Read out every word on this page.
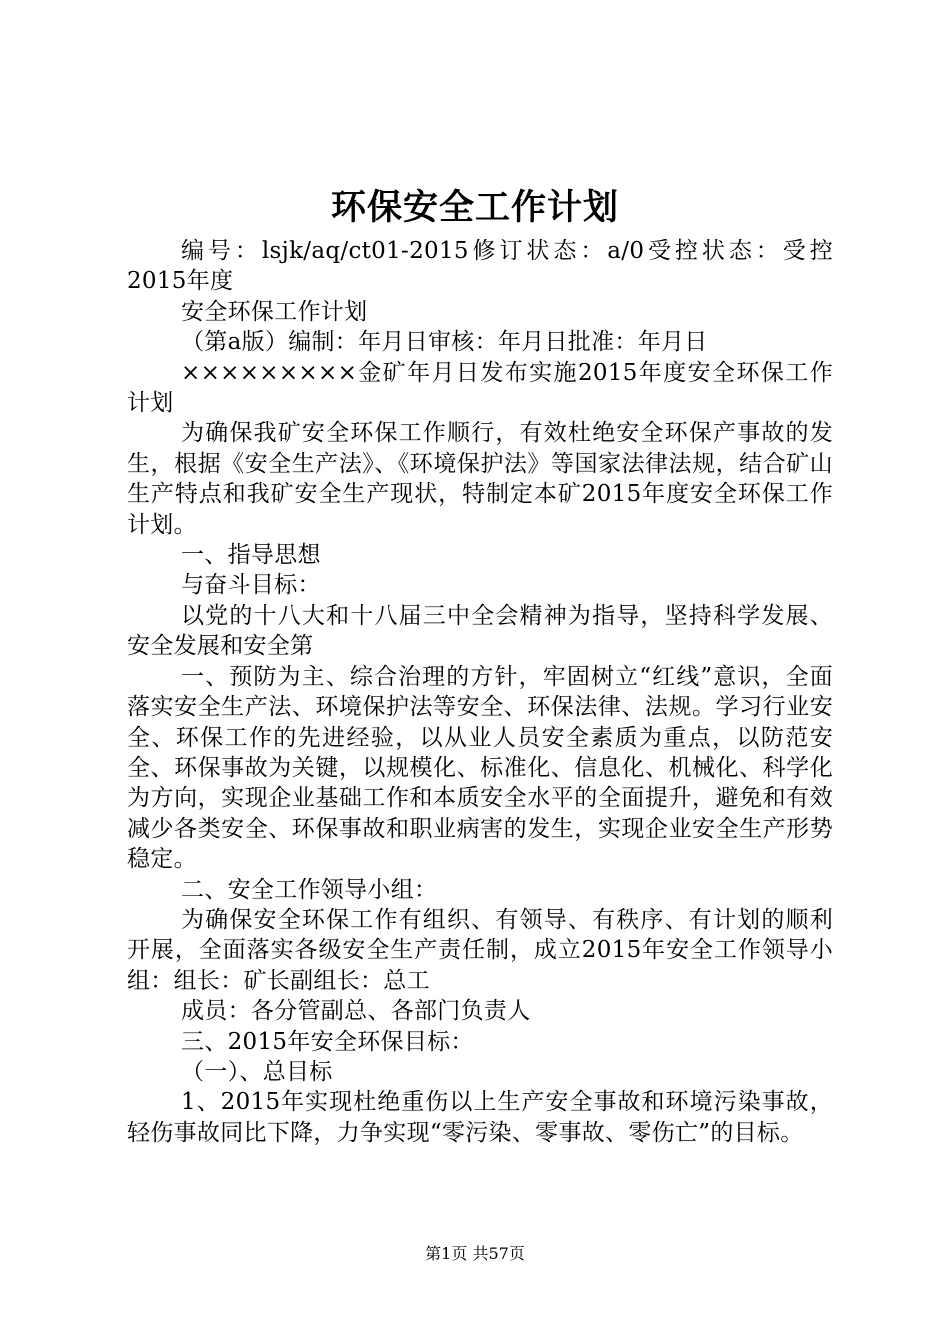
环保安全工作计划

编号：lsjk/aq/ct01-2015修订状态：a/0受控状态：受控2015年度

安全环保工作计划

（第a版）编制：年月日审核：年月日批准：年月日

×××××××××金矿年月日发布实施2015年度安全环保工作计划

为确保我矿安全环保工作顺行，有效杜绝安全环保产事故的发生，根据《安全生产法》、《环境保护法》等国家法律法规，结合矿山生产特点和我矿安全生产现状，特制定本矿2015年度安全环保工作计划。

一、指导思想

与奋斗目标：

以党的十八大和十八届三中全会精神为指导，坚持科学发展、安全发展和安全第

一、预防为主、综合治理的方针，牢固树立“红线”意识，全面落实安全生产法、环境保护法等安全、环保法律、法规。学习行业安全、环保工作的先进经验，以从业人员安全素质为重点，以防范安全、环保事故为关键，以规模化、标准化、信息化、机械化、科学化为方向，实现企业基础工作和本质安全水平的全面提升，避免和有效减少各类安全、环保事故和职业病害的发生，实现企业安全生产形势稳定。

二、安全工作领导小组：

为确保安全环保工作有组织、有领导、有秩序、有计划的顺利开展，全面落实各级安全生产责任制，成立2015年安全工作领导小组：组长：矿长副组长：总工

成员：各分管副总、各部门负责人

三、2015年安全环保目标：

（一）、总目标

1、2015年实现杜绝重伤以上生产安全事故和环境污染事故，轻伤事故同比下降，力争实现“零污染、零事故、零伤亡”的目标。

第1页 共57页
